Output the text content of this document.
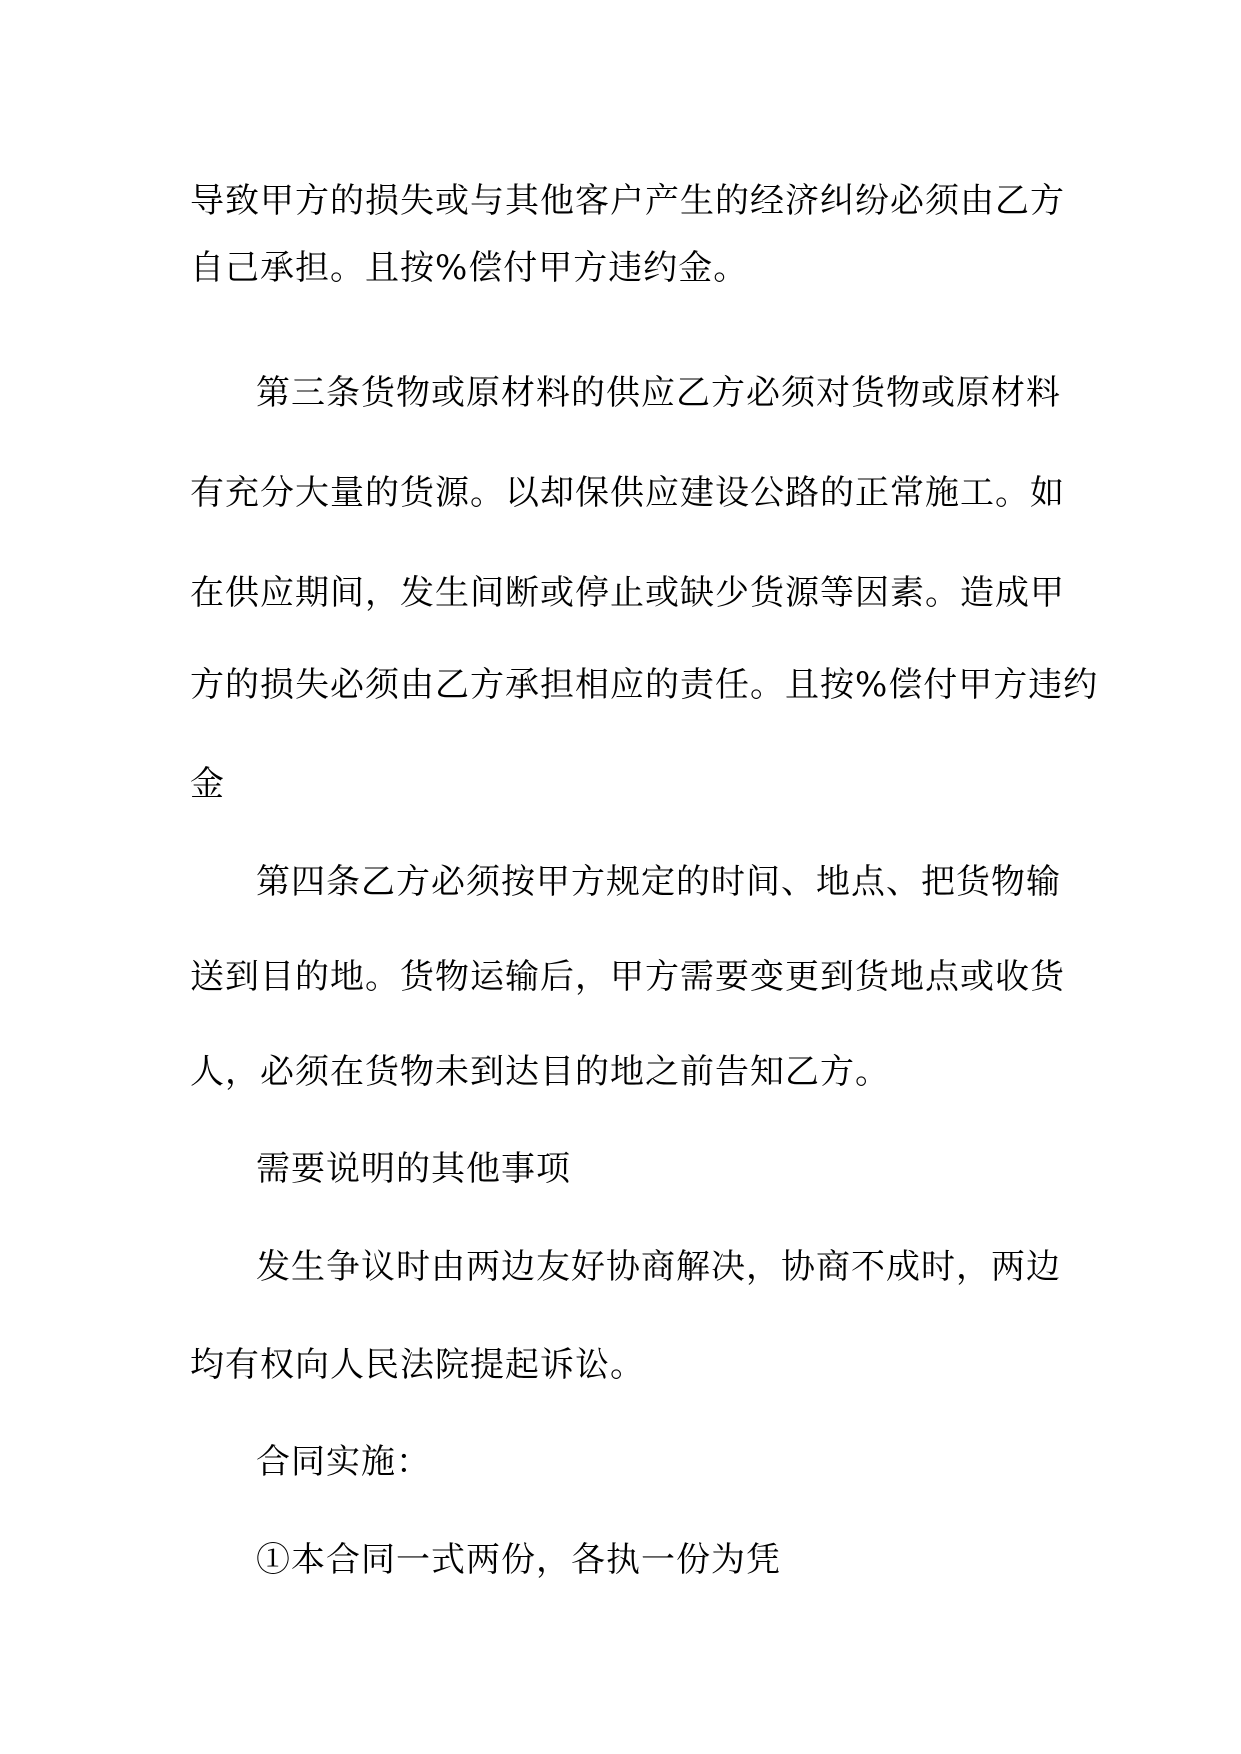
导致甲方的损失或与其他客户产生的经济纠纷必须由乙方
自己承担。且按%偿付甲方违约金。
第三条货物或原材料的供应乙方必须对货物或原材料
有充分大量的货源。以却保供应建设公路的正常施工。如
在供应期间，发生间断或停止或缺少货源等因素。造成甲
方的损失必须由乙方承担相应的责任。且按%偿付甲方违约
金
第四条乙方必须按甲方规定的时间、地点、把货物输
送到目的地。货物运输后，甲方需要变更到货地点或收货
人，必须在货物未到达目的地之前告知乙方。
需要说明的其他事项
发生争议时由两边友好协商解决，协商不成时，两边
均有权向人民法院提起诉讼。
合同实施：
①本合同一式两份，各执一份为凭
